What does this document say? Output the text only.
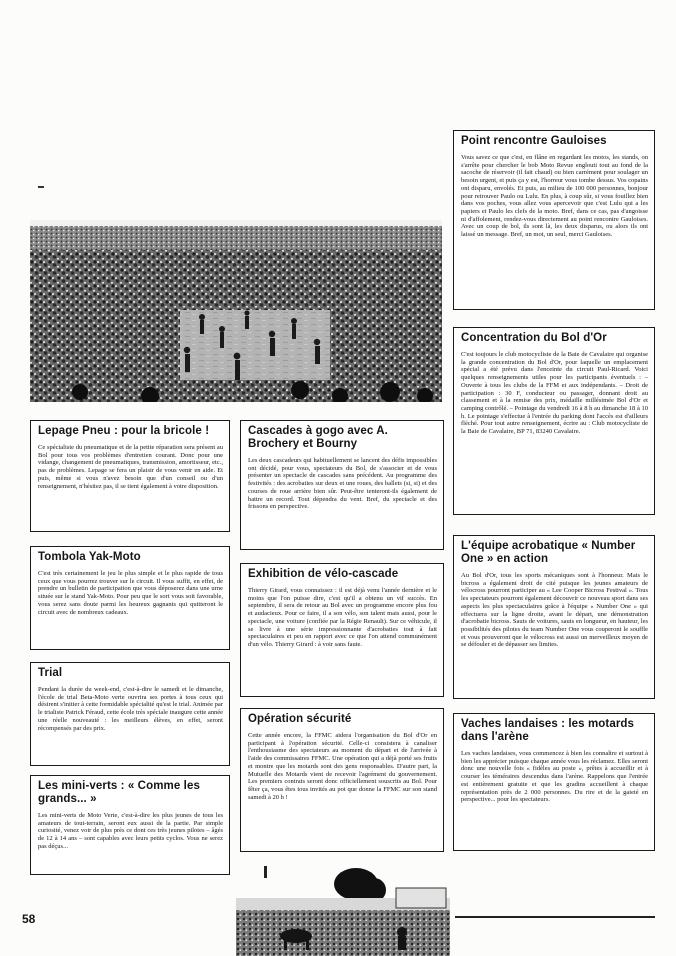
Point rencontre Gauloises

Vous savez ce que c'est, en flâne en regardant les motos, les stands, on s'arrête pour chercher le bob Moto Revue englouti tout au fond de la sacoche de réservoir (il fait chaud) ou bien carrément pour soulager un besoin urgent, et puis ça y est, l'horreur vous tombe dessus. Vos copains ont disparu, envolés. Et puis, au milieu de 100 000 personnes, bonjour pour retrouver Paulo ou Lulu. En plus, à coup sûr, si vous fouillez bien dans vos poches, vous allez vous apercevoir que c'est Lulu qui a les papiers et Paulo les clefs de la moto. Bref, dans ce cas, pas d'angoisse ni d'affolement, rendez-vous directement au point rencontre Gauloises. Avec un coup de bol, ils sont là, les deux disparus, ou alors ils ont laissé un message. Bref, un mot, un seul, merci Gauloises.

Concentration du Bol d'Or

C'est toujours le club motocycliste de la Baie de Cavalaire qui organise la grande concentration du Bol d'Or, pour laquelle un emplacement spécial a été prévu dans l'enceinte du circuit Paul-Ricard. Voici quelques renseignements utiles pour les participants éventuels : – Ouverte à tous les clubs de la FFM et aux indépendants. – Droit de participation : 30 F, conducteur ou passager, donnant droit au classement et à la remise des prix, médaille millésimée Bol d'Or et camping contrôlé. – Pointage du vendredi 16 à 8 h au dimanche 18 à 10 h. Le pointage s'effectue à l'entrée du parking dont l'accès est d'ailleurs fléché. Pour tout autre renseignement, écrire au : Club motocycliste de la Baie de Cavalaire, BP 71, 83240 Cavalaire.

L'équipe acrobatique « Number One » en action

Au Bol d'Or, tous les sports mécaniques sont à l'honneur. Mais le bicross a également droit de cité puisque les jeunes amateurs de vélocross pourront participer au « Lee Cooper Bicross Festival ». Tous les spectateurs pourront également découvrir ce nouveau sport dans ses aspects les plus spectaculaires grâce à l'équipe « Number One » qui effectuera sur la ligne droite, avant le départ, une démonstration d'acrobatie bicross. Sauts de voitures, sauts en longueur, en hauteur, les possibilités des pilotes du team Number One vous couperont le souffle et vous prouveront que le vélocross est aussi un merveilleux moyen de se défouler et de dépasser ses limites.

Vaches landaises : les motards dans l'arène

Les vaches landaises, vous commencez à bien les connaître et surtout à bien les apprécier puisque chaque année vous les réclamez. Elles seront donc une nouvelle fois « fidèles au poste », prêtes à accueillir et à courser les téméraires descendus dans l'arène. Rappelons que l'entrée est entièrement gratuite et que les gradins accueillent à chaque représentation près de 2 000 personnes. Du rire et de la gaieté en perspective... pour les spectateurs.

Lepage Pneu : pour la bricole !

Ce spécialiste du pneumatique et de la petite réparation sera présent au Bol pour tous vos problèmes d'entretien courant. Donc pour une vidange, changement de pneumatiques, transmission, amortisseur, etc., pas de problèmes. Lepage se fera un plaisir de vous venir en aide. Et puis, même si vous n'avez besoin que d'un conseil ou d'un renseignement, n'hésitez pas, il se tient également à votre disposition.

Tombola Yak-Moto

C'est très certainement le jeu le plus simple et le plus rapide de tous ceux que vous pourrez trouver sur le circuit. Il vous suffit, en effet, de prendre un bulletin de participation que vous déposerez dans une urne située sur le stand Yak-Moto. Pour peu que le sort vous soit favorable, vous serez sans doute parmi les heureux gagnants qui quitteront le circuit avec de nombreux cadeaux.

Trial

Pendant la durée du week-end, c'est-à-dire le samedi et le dimanche, l'école de trial Beta-Moto verte ouvrira ses portes à tous ceux qui désirent s'initier à cette formidable spécialité qu'est le trial. Animée par le trialiste Patrick Féraud, cette école très spéciale inaugure cette année une réelle nouveauté : les meilleurs élèves, en effet, seront récompensés par des prix.

Les mini-verts : « Comme les grands... »

Les mini-verts de Moto Verte, c'est-à-dire les plus jeunes de tous les amateurs de tout-terrain, seront eux aussi de la partie. Par simple curiosité, venez voir de plus près ce dont ces très jeunes pilotes – âgés de 12 à 14 ans – sont capables avec leurs petits cyclos. Vous ne serez pas déçus...

Cascades à gogo avec A. Brochery et Bourny

Les deux cascadeurs qui habituellement se lancent des défis impossibles ont décidé, pour vous, spectateurs du Bol, de s'associer et de vous présenter un spectacle de cascades sans précédent. Au programme des festivités : des acrobaties sur deux et une roues, des ballets (si, si) et des courses de roue arrière bien sûr. Peut-être tenteront-ils également de battre un record. Tout dépendra du vent. Bref, du spectacle et des frissons en perspective.

Exhibition de vélo-cascade

Thierry Girard, vous connaissez : il est déjà venu l'année dernière et le moins que l'on puisse dire, c'est qu'il a obtenu un vif succès. En septembre, il sera de retour au Bol avec un programme encore plus fou et audacieux. Pour ce faire, il a son vélo, son talent mais aussi, pour le spectacle, une voiture (confiée par la Régie Renault). Sur ce véhicule, il se livre à une série impressionnante d'acrobaties tout à fait spectaculaires et peu en rapport avec ce que l'on attend communément d'un vélo. Thierry Girard : à voir sans faute.

Opération sécurité

Cette année encore, la FFMC aidera l'organisation du Bol d'Or en participant à l'opération sécurité. Celle-ci consistera à canaliser l'enthousiasme des spectateurs au moment du départ et de l'arrivée à l'aide des commissaires FFMC. Une opération qui a déjà porté ses fruits et montre que les motards sont des gens responsables. D'autre part, la Mutuelle des Motards vient de recevoir l'agrément du gouvernement. Les premiers contrats seront donc officiellement souscrits au Bol. Pour fêter ça, vous êtes tous invités au pot que donne la FFMC sur son stand samedi à 20 h !

58
